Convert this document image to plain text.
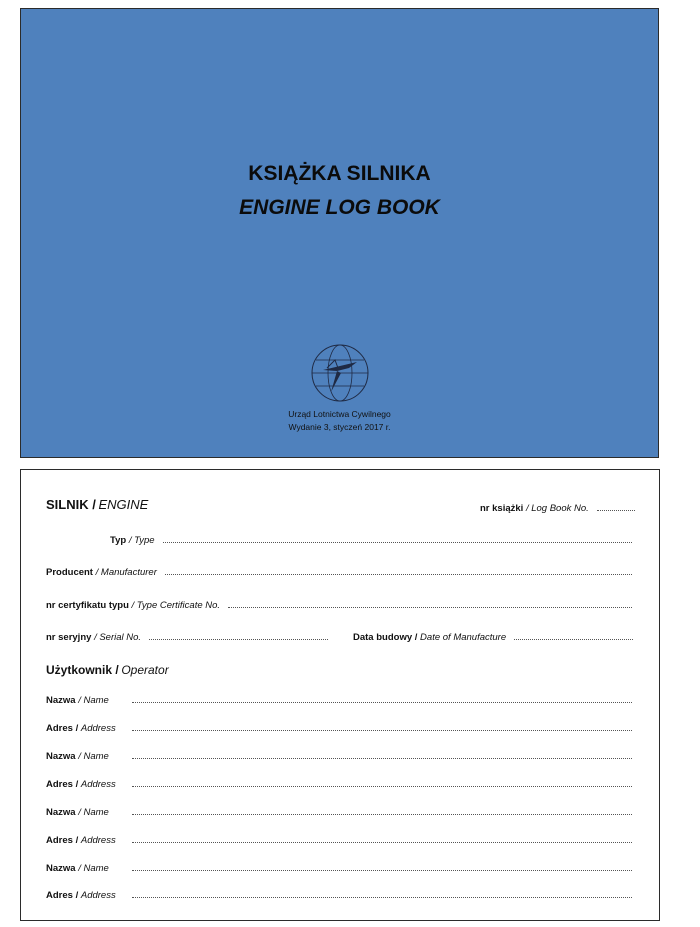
KSIĄŻKA SILNIKA
ENGINE LOG BOOK
Urząd Lotnictwa Cywilnego
Wydanie 3, styczeń 2017 r.
SILNIK /
ENGINE	nr książki
/ Log Book No.
Typ
/ Type
Producent
/ Manufacturer
nr certyfikatu typu
/ Type Certificate No.
nr seryjny
/ Serial No.	Data budowy /
Date of Manufacture
Użytkownik /
Operator
Nazwa / Name
Adres / Address
Nazwa / Name
Adres / Address
Nazwa / Name
Adres / Address
Nazwa / Name
Adres / Address
